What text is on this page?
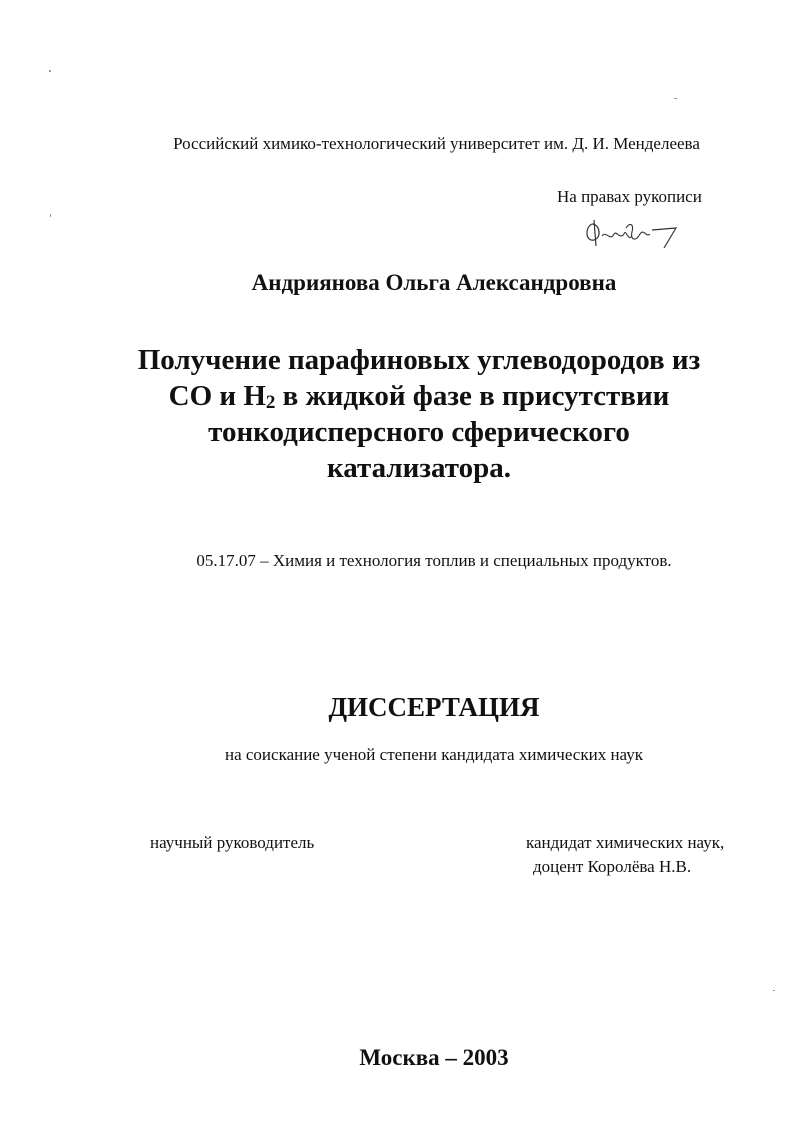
Российский химико-технологический университет им. Д. И. Менделеева
На правах рукописи
Андриянова Ольга Александровна
Получение парафиновых углеводородов из
СО и $Н_2$ в жидкой фазе в присутствии
тонкодисперсного сферического
катализатора.
05.17.07 – Химия и технология топлив и специальных продуктов.
ДИССЕРТАЦИЯ
на соискание ученой степени кандидата химических наук
научный руководитель	кандидат химических наук,
доцент Королёва Н.В.
Москва – 2003
